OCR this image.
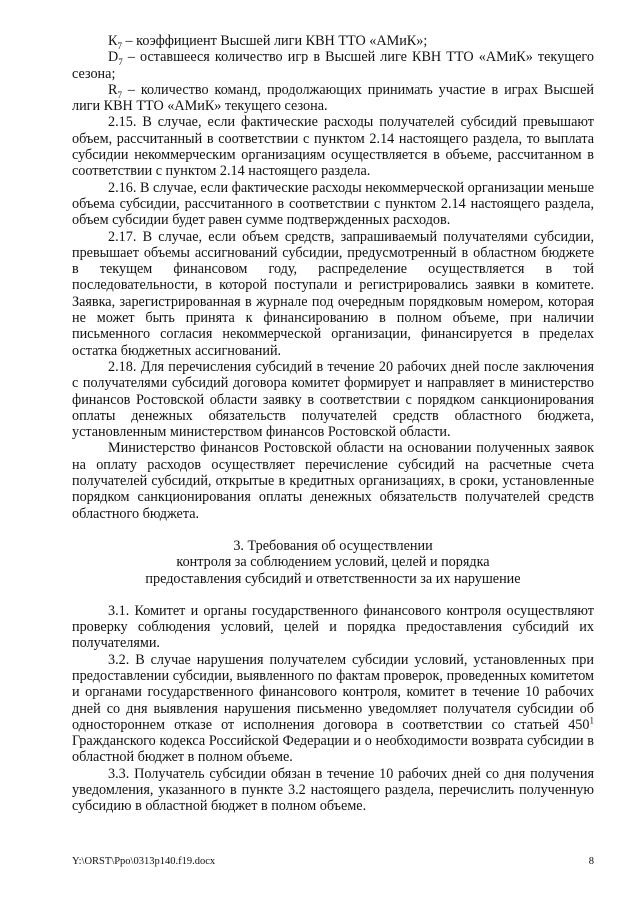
$К_7$ – коэффициент Высшей лиги КВН ТТО «АМиК»;

$D_7$ – оставшееся количество игр в Высшей лиге КВН ТТО «АМиК» текущего сезона;

$R_7$ – количество команд, продолжающих принимать участие в играх Высшей лиги КВН ТТО «АМиК» текущего сезона.

2.15. В случае, если фактические расходы получателей субсидий превышают объем, рассчитанный в соответствии с пунктом 2.14 настоящего раздела, то выплата субсидии некоммерческим организациям осуществляется в объеме, рассчитанном в соответствии с пунктом 2.14 настоящего раздела.

2.16. В случае, если фактические расходы некоммерческой организации меньше объема субсидии, рассчитанного в соответствии с пунктом 2.14 настоящего раздела, объем субсидии будет равен сумме подтвержденных расходов.

2.17. В случае, если объем средств, запрашиваемый получателями субсидии, превышает объемы ассигнований субсидии, предусмотренный в областном бюджете в текущем финансовом году, распределение осуществляется в той последовательности, в которой поступали и регистрировались заявки в комитете. Заявка, зарегистрированная в журнале под очередным порядковым номером, которая не может быть принята к финансированию в полном объеме, при наличии письменного согласия некоммерческой организации, финансируется в пределах остатка бюджетных ассигнований.

2.18. Для перечисления субсидий в течение 20 рабочих дней после заключения с получателями субсидий договора комитет формирует и направляет в министерство финансов Ростовской области заявку в соответствии с порядком санкционирования оплаты денежных обязательств получателей средств областного бюджета, установленным министерством финансов Ростовской области.

Министерство финансов Ростовской области на основании полученных заявок на оплату расходов осуществляет перечисление субсидий на расчетные счета получателей субсидий, открытые в кредитных организациях, в сроки, установленные порядком санкционирования оплаты денежных обязательств получателей средств областного бюджета.

3. Требования об осуществлении
контроля за соблюдением условий, целей и порядка
предоставления субсидий и ответственности за их нарушение

3.1. Комитет и органы государственного финансового контроля осуществляют проверку соблюдения условий, целей и порядка предоставления субсидий их получателями.

3.2. В случае нарушения получателем субсидии условий, установленных при предоставлении субсидии, выявленного по фактам проверок, проведенных комитетом и органами государственного финансового контроля, комитет в течение 10 рабочих дней со дня выявления нарушения письменно уведомляет получателя субсидии об одностороннем отказе от исполнения договора в соответствии со статьей $450^1$ Гражданского кодекса Российской Федерации и о необходимости возврата субсидии в областной бюджет в полном объеме.

3.3. Получатель субсидии обязан в течение 10 рабочих дней со дня получения уведомления, указанного в пункте 3.2 настоящего раздела, перечислить полученную субсидию в областной бюджет в полном объеме.

Y:\ORST\Ppo\0313p140.f19.docx	8
